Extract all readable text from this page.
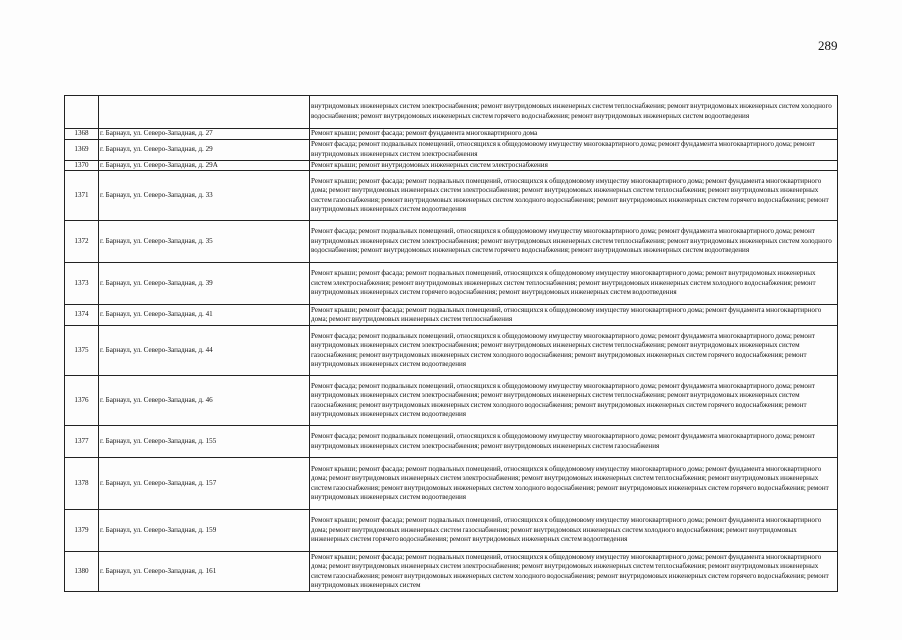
289
		внутридомовых инженерных систем электроснабжения; ремонт внутридомовых инженерных систем теплоснабжения; ремонт внутридомовых инженерных систем холодного водоснабжения; ремонт внутридомовых инженерных систем горячего водоснабжения; ремонт внутридомовых инженерных систем водоотведения
1368	г. Барнаул, ул. Северо-Западная, д. 27	Ремонт крыши; ремонт фасада; ремонт фундамента многоквартирного дома
1369	г. Барнаул, ул. Северо-Западная, д. 29	Ремонт фасада; ремонт подвальных помещений, относящихся к общедомовому имуществу многоквартирного дома; ремонт фундамента многоквартирного дома; ремонт внутридомовых инженерных систем электроснабжения
1370	г. Барнаул, ул. Северо-Западная, д. 29А	Ремонт крыши; ремонт внутридомовых инженерных систем электроснабжения
1371	г. Барнаул, ул. Северо-Западная, д. 33	Ремонт крыши; ремонт фасада; ремонт подвальных помещений, относящихся к общедомовому имуществу многоквартирного дома; ремонт фундамента многоквартирного дома; ремонт внутридомовых инженерных систем электроснабжения; ремонт внутридомовых инженерных систем теплоснабжения; ремонт внутридомовых инженерных систем газоснабжения; ремонт внутридомовых инженерных систем холодного водоснабжения; ремонт внутридомовых инженерных систем горячего водоснабжения; ремонт внутридомовых инженерных систем водоотведения
1372	г. Барнаул, ул. Северо-Западная, д. 35	Ремонт фасада; ремонт подвальных помещений, относящихся к общедомовому имуществу многоквартирного дома; ремонт фундамента многоквартирного дома; ремонт внутридомовых инженерных систем электроснабжения; ремонт внутридомовых инженерных систем теплоснабжения; ремонт внутридомовых инженерных систем холодного водоснабжения; ремонт внутридомовых инженерных систем горячего водоснабжения; ремонт внутридомовых инженерных систем водоотведения
1373	г. Барнаул, ул. Северо-Западная, д. 39	Ремонт крыши; ремонт фасада; ремонт подвальных помещений, относящихся к общедомовому имуществу многоквартирного дома; ремонт внутридомовых инженерных систем электроснабжения; ремонт внутридомовых инженерных систем теплоснабжения; ремонт внутридомовых инженерных систем холодного водоснабжения; ремонт внутридомовых инженерных систем горячего водоснабжения; ремонт внутридомовых инженерных систем водоотведения
1374	г. Барнаул, ул. Северо-Западная, д. 41	Ремонт крыши; ремонт фасада; ремонт подвальных помещений, относящихся к общедомовому имуществу многоквартирного дома; ремонт фундамента многоквартирного дома; ремонт внутридомовых инженерных систем теплоснабжения
1375	г. Барнаул, ул. Северо-Западная, д. 44	Ремонт фасада; ремонт подвальных помещений, относящихся к общедомовому имуществу многоквартирного дома; ремонт фундамента многоквартирного дома; ремонт внутридомовых инженерных систем электроснабжения; ремонт внутридомовых инженерных систем теплоснабжения; ремонт внутридомовых инженерных систем газоснабжения; ремонт внутридомовых инженерных систем холодного водоснабжения; ремонт внутридомовых инженерных систем горячего водоснабжения; ремонт внутридомовых инженерных систем водоотведения
1376	г. Барнаул, ул. Северо-Западная, д. 46	Ремонт фасада; ремонт подвальных помещений, относящихся к общедомовому имуществу многоквартирного дома; ремонт фундамента многоквартирного дома; ремонт внутридомовых инженерных систем электроснабжения; ремонт внутридомовых инженерных систем теплоснабжения; ремонт внутридомовых инженерных систем газоснабжения; ремонт внутридомовых инженерных систем холодного водоснабжения; ремонт внутридомовых инженерных систем горячего водоснабжения; ремонт внутридомовых инженерных систем водоотведения
1377	г. Барнаул, ул. Северо-Западная, д. 155	Ремонт фасада; ремонт подвальных помещений, относящихся к общедомовому имуществу многоквартирного дома; ремонт фундамента многоквартирного дома; ремонт внутридомовых инженерных систем электроснабжения; ремонт внутридомовых инженерных систем газоснабжения
1378	г. Барнаул, ул. Северо-Западная, д. 157	Ремонт крыши; ремонт фасада; ремонт подвальных помещений, относящихся к общедомовому имуществу многоквартирного дома; ремонт фундамента многоквартирного дома; ремонт внутридомовых инженерных систем электроснабжения; ремонт внутридомовых инженерных систем теплоснабжения; ремонт внутридомовых инженерных систем газоснабжения; ремонт внутридомовых инженерных систем холодного водоснабжения; ремонт внутридомовых инженерных систем горячего водоснабжения; ремонт внутридомовых инженерных систем водоотведения
1379	г. Барнаул, ул. Северо-Западная, д. 159	Ремонт крыши; ремонт фасада; ремонт подвальных помещений, относящихся к общедомовому имуществу многоквартирного дома; ремонт фундамента многоквартирного дома; ремонт внутридомовых инженерных систем газоснабжения; ремонт внутридомовых инженерных систем холодного водоснабжения; ремонт внутридомовых инженерных систем горячего водоснабжения; ремонт внутридомовых инженерных систем водоотведения
1380	г. Барнаул, ул. Северо-Западная, д. 161	Ремонт крыши; ремонт фасада; ремонт подвальных помещений, относящихся к общедомовому имуществу многоквартирного дома; ремонт фундамента многоквартирного дома; ремонт внутридомовых инженерных систем электроснабжения; ремонт внутридомовых инженерных систем теплоснабжения; ремонт внутридомовых инженерных систем газоснабжения; ремонт внутридомовых инженерных систем холодного водоснабжения; ремонт внутридомовых инженерных систем горячего водоснабжения; ремонт внутридомовых инженерных систем
